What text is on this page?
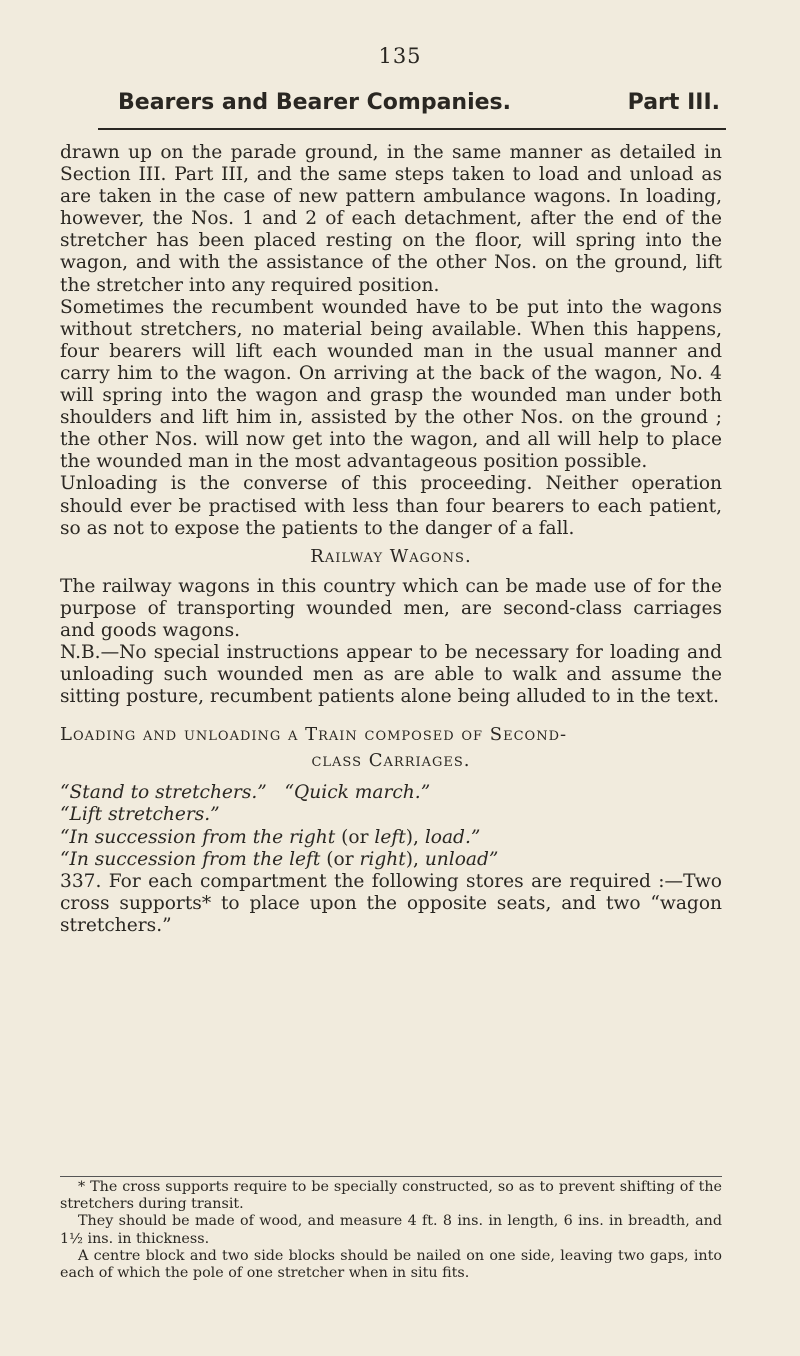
135
Bearers and Bearer Companies.	Part III.

drawn up on the parade ground, in the same manner as detailed in Section III. Part III, and the same steps taken to load and unload as are taken in the case of new pattern ambulance wagons. In loading, however, the Nos. 1 and 2 of each detachment, after the end of the stretcher has been placed resting on the floor, will spring into the wagon, and with the assistance of the other Nos. on the ground, lift the stretcher into any required position.

Sometimes the recumbent wounded have to be put into the wagons without stretchers, no material being available. When this happens, four bearers will lift each wounded man in the usual manner and carry him to the wagon. On arriving at the back of the wagon, No. 4 will spring into the wagon and grasp the wounded man under both shoulders and lift him in, assisted by the other Nos. on the ground ; the other Nos. will now get into the wagon, and all will help to place the wounded man in the most advantageous position possible.

Unloading is the converse of this proceeding. Neither operation should ever be practised with less than four bearers to each patient, so as not to expose the patients to the danger of a fall.

Railway Wagons.

The railway wagons in this country which can be made use of for the purpose of transporting wounded men, are second-class carriages and goods wagons.

N.B.—No special instructions appear to be necessary for loading and unloading such wounded men as are able to walk and assume the sitting posture, recumbent patients alone being alluded to in the text.

Loading and unloading a Train composed of Second-
class Carriages.
“Stand to stretchers.” “Quick march.”
“Lift stretchers.”
“In succession from the right (or left), load.”
“In succession from the left (or right), unload”

337. For each compartment the following stores are required :—Two cross supports* to place upon the opposite seats, and two “wagon stretchers.”

* The cross supports require to be specially constructed, so as to prevent shifting of the stretchers during transit.

They should be made of wood, and measure 4 ft. 8 ins. in length, 6 ins. in breadth, and 1½ ins. in thickness.

A centre block and two side blocks should be nailed on one side, leaving two gaps, into each of which the pole of one stretcher when in situ fits.
